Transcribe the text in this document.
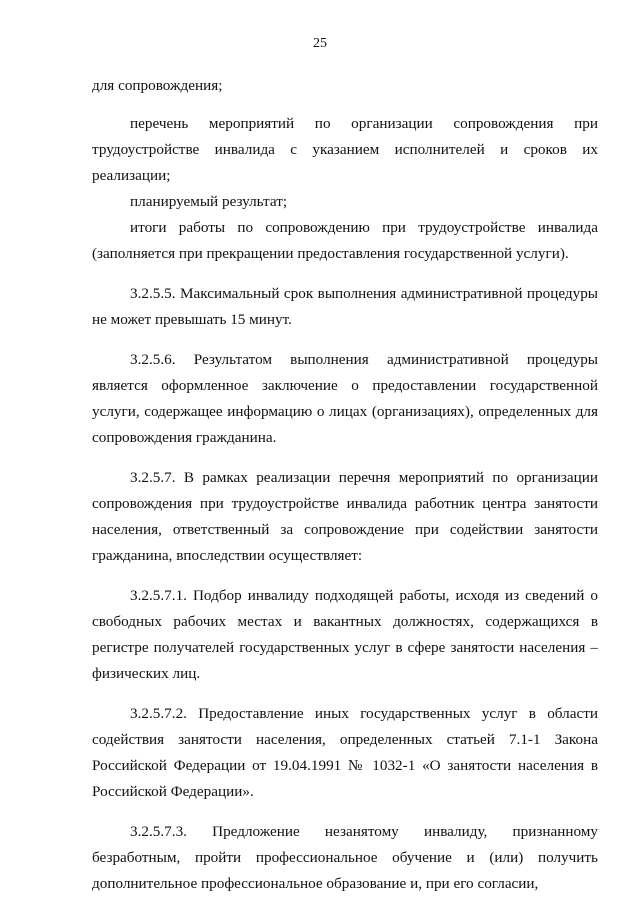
25

для сопровождения;

перечень мероприятий по организации сопровождения при трудоустройстве инвалида с указанием исполнителей и сроков их реализации;

планируемый результат;

итоги работы по сопровождению при трудоустройстве инвалида (заполняется при прекращении предоставления государственной услуги).

3.2.5.5. Максимальный срок выполнения административной процедуры не может превышать 15 минут.

3.2.5.6. Результатом выполнения административной процедуры является оформленное заключение о предоставлении государственной услуги, содержащее информацию о лицах (организациях), определенных для сопровождения гражданина.

3.2.5.7. В рамках реализации перечня мероприятий по организации сопровождения при трудоустройстве инвалида работник центра занятости населения, ответственный за сопровождение при содействии занятости гражданина, впоследствии осуществляет:

3.2.5.7.1. Подбор инвалиду подходящей работы, исходя из сведений о свободных рабочих местах и вакантных должностях, содержащихся в регистре получателей государственных услуг в сфере занятости населения – физических лиц.

3.2.5.7.2. Предоставление иных государственных услуг в области содействия занятости населения, определенных статьей 7.1-1 Закона Российской Федерации от 19.04.1991 № 1032-1 «О занятости населения в Российской Федерации».

3.2.5.7.3. Предложение незанятому инвалиду, признанному безработным, пройти профессиональное обучение и (или) получить дополнительное профессиональное образование и, при его согласии,
